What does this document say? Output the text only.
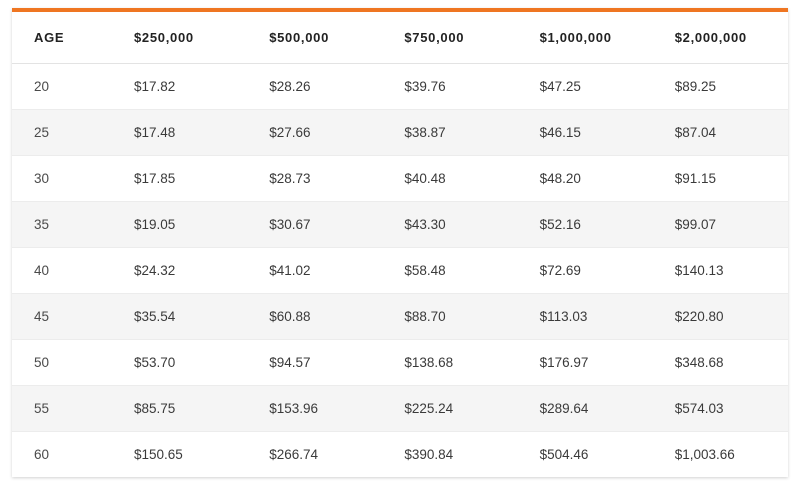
AGE	$250,000	$500,000	$750,000	$1,000,000	$2,000,000
20	$17.82	$28.26	$39.76	$47.25	$89.25
25	$17.48	$27.66	$38.87	$46.15	$87.04
30	$17.85	$28.73	$40.48	$48.20	$91.15
35	$19.05	$30.67	$43.30	$52.16	$99.07
40	$24.32	$41.02	$58.48	$72.69	$140.13
45	$35.54	$60.88	$88.70	$113.03	$220.80
50	$53.70	$94.57	$138.68	$176.97	$348.68
55	$85.75	$153.96	$225.24	$289.64	$574.03
60	$150.65	$266.74	$390.84	$504.46	$1,003.66
